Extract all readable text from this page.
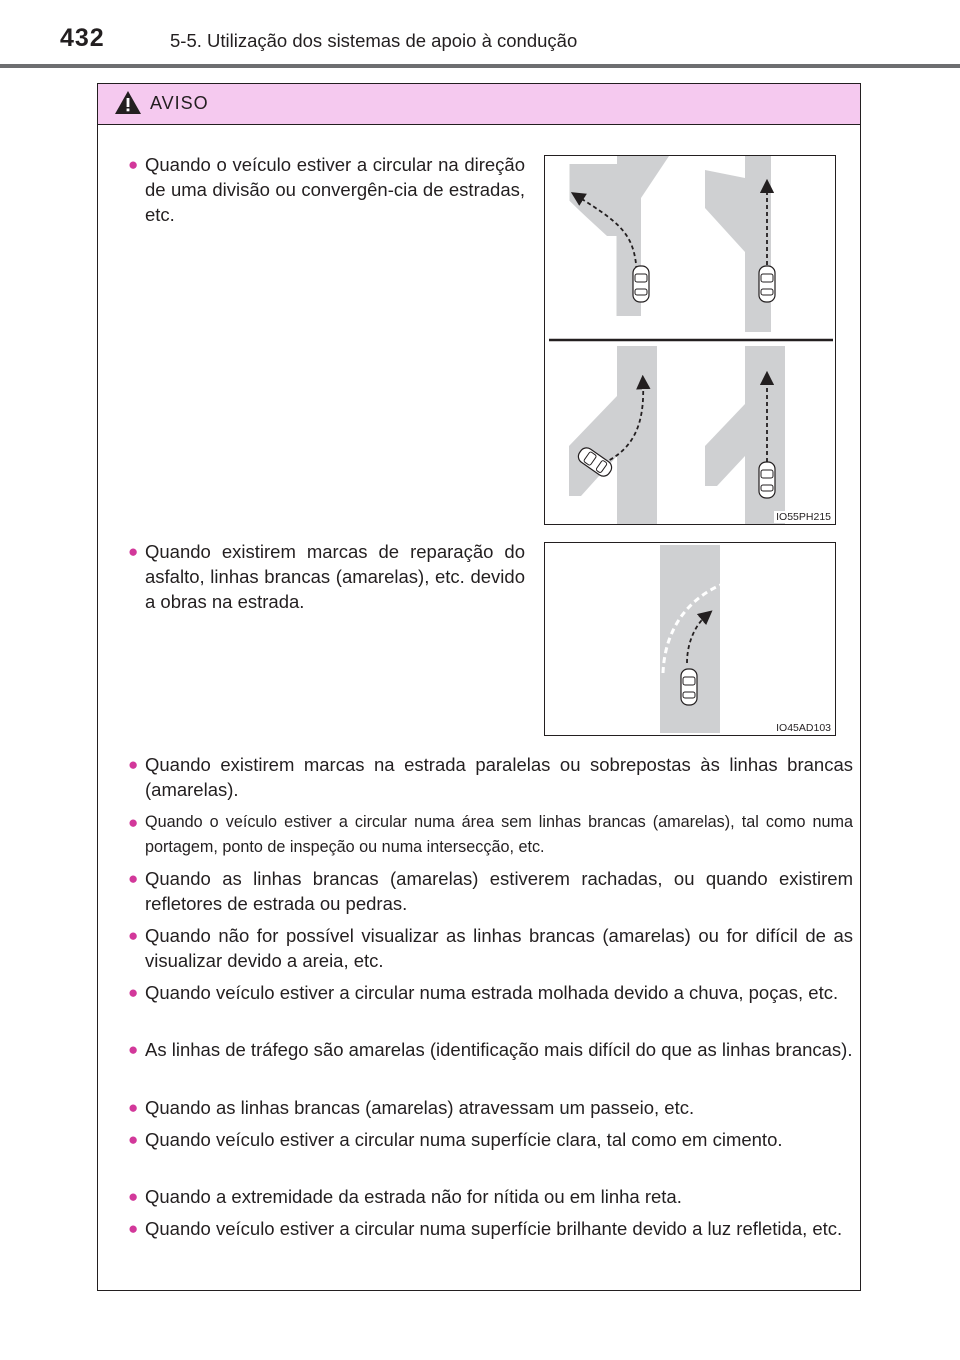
432	5-5. Utilização dos sistemas de apoio à condução
AVISO
● Quando o veículo estiver a circular na direção de uma divisão ou convergên-cia de estradas, etc.
IO55PH215
● Quando existirem marcas de reparação do asfalto, linhas brancas (amarelas), etc. devido a obras na estrada.
IO45AD103
● Quando existirem marcas na estrada paralelas ou sobrepostas às linhas brancas (amarelas).
● Quando o veículo estiver a circular numa área sem linhas brancas (amarelas), tal como numa portagem, ponto de inspeção ou numa intersecção, etc.
● Quando as linhas brancas (amarelas) estiverem rachadas, ou quando existirem refletores de estrada ou pedras.
● Quando não for possível visualizar as linhas brancas (amarelas) ou for difícil de as visualizar devido a areia, etc.
● Quando veículo estiver a circular numa estrada molhada devido a chuva, poças, etc.
● As linhas de tráfego são amarelas (identificação mais difícil do que as linhas brancas).
● Quando as linhas brancas (amarelas) atravessam um passeio, etc.
● Quando veículo estiver a circular numa superfície clara, tal como em cimento.
● Quando a extremidade da estrada não for nítida ou em linha reta.
● Quando veículo estiver a circular numa superfície brilhante devido a luz refletida, etc.
